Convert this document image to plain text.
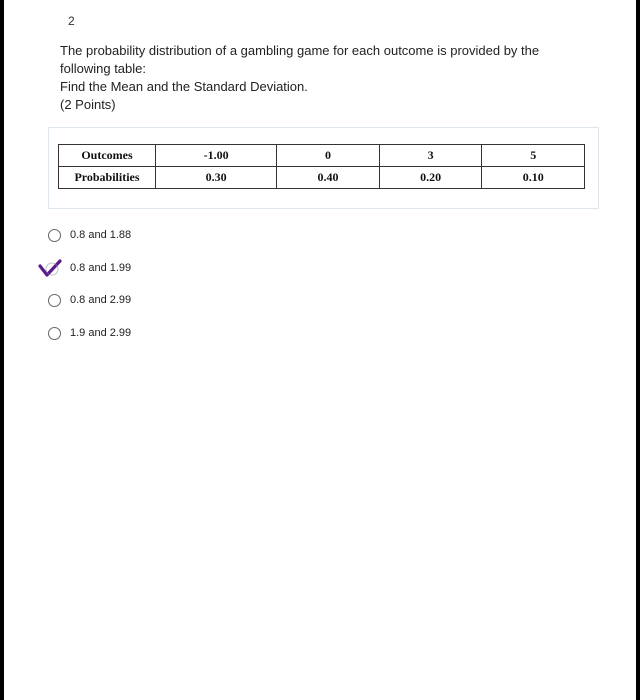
2
The probability distribution of a gambling game for each outcome is provided by the following table:
Find the Mean and the Standard Deviation.
(2 Points)
Outcomes	-1.00	0	3	5
Probabilities	0.30	0.40	0.20	0.10
0.8 and 1.88
0.8 and 1.99
0.8 and 2.99
1.9 and 2.99
